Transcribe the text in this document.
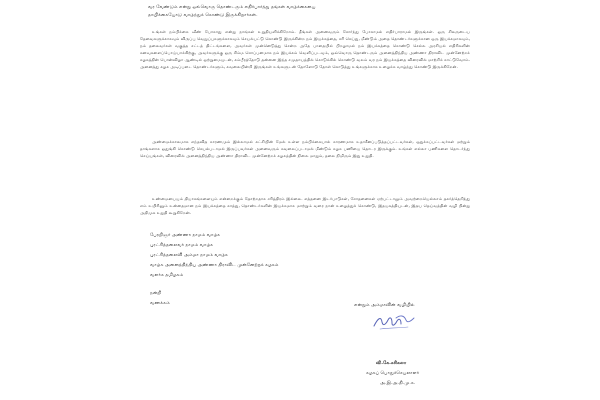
வர வேண்டும் என்று ஒவ்வொரு தொண்டரும் எதிர்பார்த்து தங்கள் வாழ்க்கையை
தாயிக்கையோடு வாழ்ந்துக் கொண்டு இருக்கிறார்கள்.

உங்கள் நம்பிக்கை வீண் போகாது என்று நாங்கள் உறுதியளிக்கிறோம். தீங்கள் அனைவரும் சோர்ந்து போகாமல் எதிர்பாராமல் இருங்கள். ஒரு சிலருடைய தேவைகளுக்காகவும் விருப்பு வெறுப்புகளுக்காகவும் செயல்பட்டு கொண்டு இருக்கின்ற நம் இயக்கத்தை, சரி செய்து, மீண்டும் அதை தொண்டர்களுக்கான ஒரு இயக்கமாகவும், நம் தலைவர்கள் வகுத்த சட்டத் திட்டங்களை, அவர்கள் முன்னெடுத்து சென்ற அதே பாதையில் பிறழாமல் நம் இயக்கத்தை கொண்டு செல்ல அரசியல் எதிரிகளின் கனவுகளைப்பொய்யாக்கிற்கு, அவர்களுக்கு ஒரு சிம்ம சொப்பனமாக நம் இயக்கம் வெளிப்படவும், ஒவ்வொரு தொண்டரும் அனைத்திந்திய அண்ணா திராவிட முன்னேற்றக் கழகத்தின் பொன்விழா ஆண்டில் ஒற்றுமையுடன், கம்பீரத்தோடு தன்னை இந்த சமுதாயத்தில் கொடுக்கில் கொண்டு வலம் வர நம் இயக்கத்தை விரைவில் மாற்றிக் காட்டுவோம். அனைத்து கழக அடிப்படை தொண்டர்களும், கவலையின்றி இருங்கள் உங்களுடன் தோளோடு தோள் கொடுத்து உங்களுக்காக உழைக்க வாழ்ந்து கொண்டு இருக்கிறேன்.

அண்மைக்காலமாக எந்தவித காரணமும் இல்லாமல் கட்சியின் மேல் உள்ள நம்பிக்கையால் காரணமாக உதாசீனப்படுத்தப்பட்டவர்கள், ஒதுக்கப்பட்டவர்கள் மற்றும் தாங்களாக ஒதுங்கி கொண்டு செயல்படாமல் இருப்பவர்கள் அனைவரும் கவலைப்படாமல் மீண்டும் கழக பணியை தொடர இருக்கும். உங்கள் எல்லா பணிகளை தொடர்ந்து செய்யுங்கள், விரைவில் அனைத்திந்திய அண்ணா திராவிட முன்னேற்றக் கழகத்தின் நிலை மாறும், தலை நிமிரும் இது உறுதி.

உண்மையையும் தியாகங்களையும் என்றைக்கும் தோற்றதாக சரித்திரம் இல்லை. எத்தனை இடர்பாடுகள், சோதனைகள் ஏற்பட்டாலும் அவற்றையெல்லாம் தகர்த்தெறிந்து எம் உயிரினும் உன்னதமான நம் இயக்கத்தை காத்து, தொண்டர்களின் இயக்கமாக மாற்றும் வரை நான் உழைத்துக் கொண்டு, இதயசுத்தியுடன், இதய தெய்வத்தின் வழி நின்று அதிமுக உறுதி கூறுகிறேன்.

பேரறிஞர் அண்ணா நாமம் வாழ்க
புரட்சித்தலைவர் நாமம் வாழ்க
புரட்சித்தலைவி அம்மா நாமம் வாழ்க
வாழ்க அனைத்திந்திய அண்ணா திராவிட முன்னேற்றக் கழகம்
வளர்க தமிழகம்
நன்றி
வணக்கம்	என்றும் அம்மாவின் வழியில்
வி.கே.சசிகலா
கழகப் பொதுச்செயலாளர்
அ.இ.அ.தி.மு.க.
